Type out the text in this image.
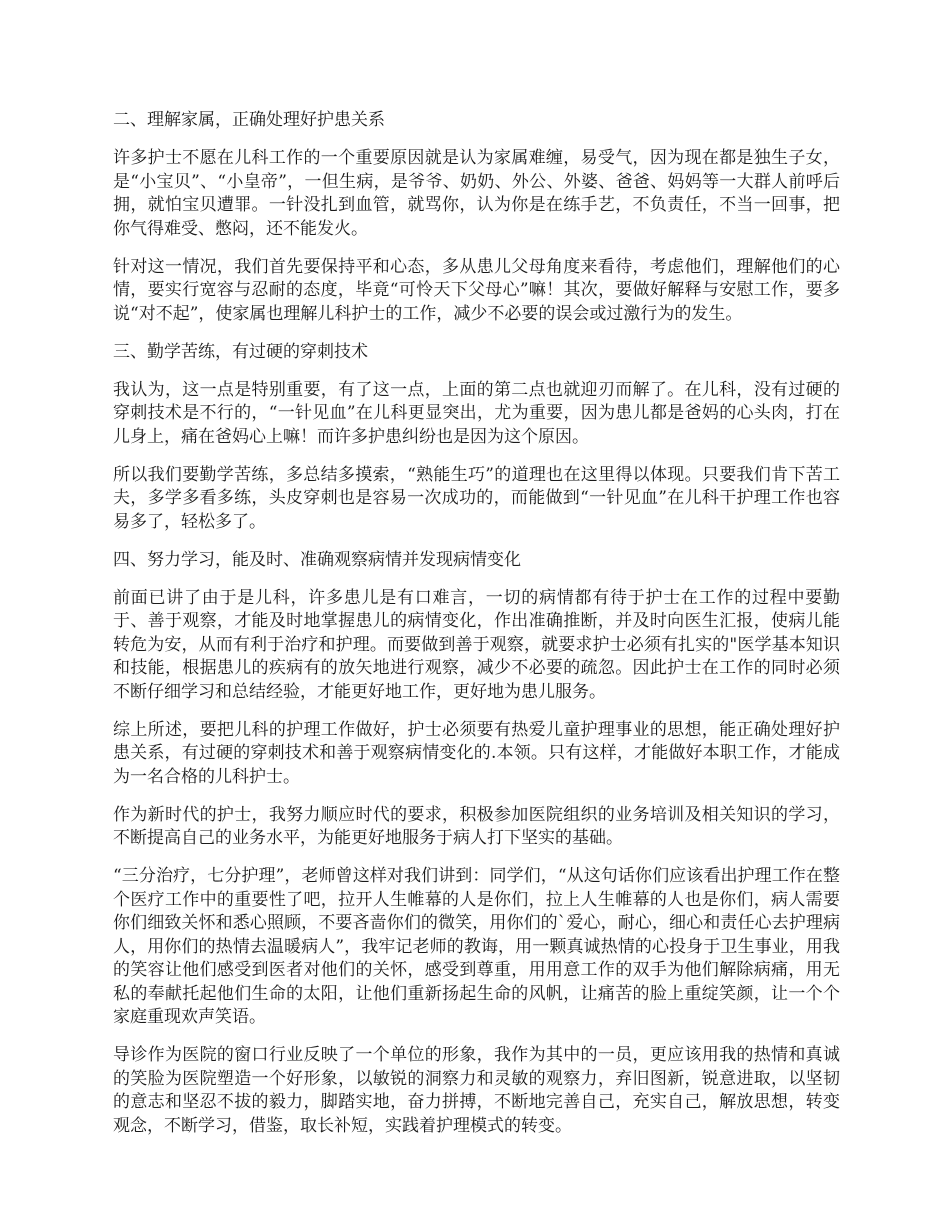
二、理解家属，正确处理好护患关系

许多护士不愿在儿科工作的一个重要原因就是认为家属难缠，易受气，因为现在都是独生子女，是“小宝贝”、“小皇帝”，一但生病，是爷爷、奶奶、外公、外婆、爸爸、妈妈等一大群人前呼后拥，就怕宝贝遭罪。一针没扎到血管，就骂你，认为你是在练手艺，不负责任，不当一回事，把你气得难受、憋闷，还不能发火。

针对这一情况，我们首先要保持平和心态，多从患儿父母角度来看待，考虑他们，理解他们的心情，要实行宽容与忍耐的态度，毕竟“可怜天下父母心”嘛！其次，要做好解释与安慰工作，要多说“对不起”，使家属也理解儿科护士的工作，减少不必要的误会或过激行为的发生。

三、勤学苦练，有过硬的穿刺技术

我认为，这一点是特别重要，有了这一点，上面的第二点也就迎刃而解了。在儿科，没有过硬的穿刺技术是不行的，“一针见血”在儿科更显突出，尤为重要，因为患儿都是爸妈的心头肉，打在儿身上，痛在爸妈心上嘛！而许多护患纠纷也是因为这个原因。

所以我们要勤学苦练，多总结多摸索，“熟能生巧”的道理也在这里得以体现。只要我们肯下苦工夫，多学多看多练，头皮穿刺也是容易一次成功的，而能做到“一针见血”在儿科干护理工作也容易多了，轻松多了。

四、努力学习，能及时、准确观察病情并发现病情变化

前面已讲了由于是儿科，许多患儿是有口难言，一切的病情都有待于护士在工作的过程中要勤于、善于观察，才能及时地掌握患儿的病情变化，作出准确推断，并及时向医生汇报，使病儿能转危为安，从而有利于治疗和护理。而要做到善于观察，就要求护士必须有扎实的"医学基本知识和技能，根据患儿的疾病有的放矢地进行观察，减少不必要的疏忽。因此护士在工作的同时必须不断仔细学习和总结经验，才能更好地工作，更好地为患儿服务。

综上所述，要把儿科的护理工作做好，护士必须要有热爱儿童护理事业的思想，能正确处理好护患关系，有过硬的穿刺技术和善于观察病情变化的.本领。只有这样，才能做好本职工作，才能成为一名合格的儿科护士。

作为新时代的护士，我努力顺应时代的要求，积极参加医院组织的业务培训及相关知识的学习，不断提高自己的业务水平，为能更好地服务于病人打下坚实的基础。

“三分治疗，七分护理”，老师曾这样对我们讲到：同学们，“从这句话你们应该看出护理工作在整个医疗工作中的重要性了吧，拉开人生帷幕的人是你们，拉上人生帷幕的人也是你们，病人需要你们细致关怀和悉心照顾，不要吝啬你们的微笑，用你们的`爱心，耐心，细心和责任心去护理病人，用你们的热情去温暖病人”，我牢记老师的教诲，用一颗真诚热情的心投身于卫生事业，用我的笑容让他们感受到医者对他们的关怀，感受到尊重，用用意工作的双手为他们解除病痛，用无私的奉献托起他们生命的太阳，让他们重新扬起生命的风帆，让痛苦的脸上重绽笑颜，让一个个家庭重现欢声笑语。

导诊作为医院的窗口行业反映了一个单位的形象，我作为其中的一员，更应该用我的热情和真诚的笑脸为医院塑造一个好形象，以敏锐的洞察力和灵敏的观察力，弃旧图新，锐意进取，以坚韧的意志和坚忍不拔的毅力，脚踏实地，奋力拼搏，不断地完善自己，充实自己，解放思想，转变观念，不断学习，借鉴，取长补短，实践着护理模式的转变。
